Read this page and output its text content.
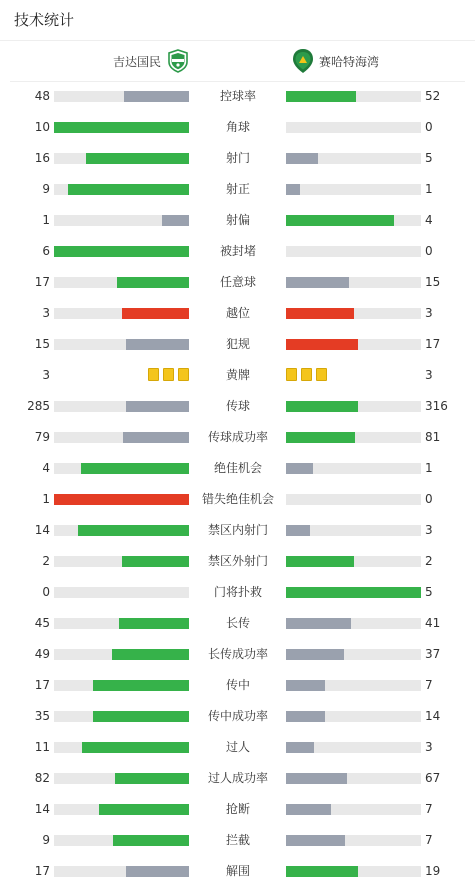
技术统计
吉达国民	赛哈特海湾
48	控球率	52
10	角球	0
16	射门	5
9	射正	1
1	射偏	4
6	被封堵	0
17	任意球	15
3	越位	3
15	犯规	17
3	黄牌	3
285	传球	316
79	传球成功率	81
4	绝佳机会	1
1	错失绝佳机会	0
14	禁区内射门	3
2	禁区外射门	2
0	门将扑救	5
45	长传	41
49	长传成功率	37
17	传中	7
35	传中成功率	14
11	过人	3
82	过人成功率	67
14	抢断	7
9	拦截	7
17	解围	19
